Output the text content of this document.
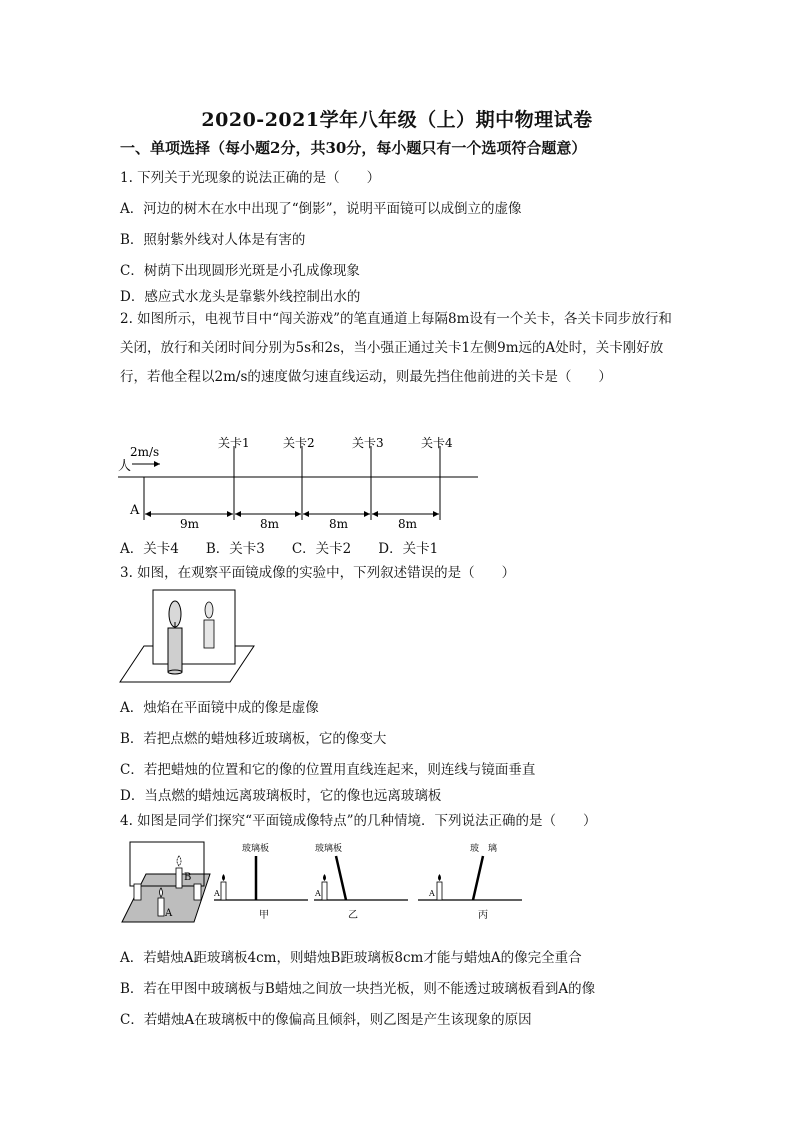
2020-2021学年八年级（上）期中物理试卷
一、单项选择（每小题2分，共30分，每小题只有一个选项符合题意）
1. 下列关于光现象的说法正确的是（　　）
A．河边的树木在水中出现了“倒影”，说明平面镜可以成倒立的虚像
B．照射紫外线对人体是有害的
C．树荫下出现圆形光斑是小孔成像现象
D．感应式水龙头是靠紫外线控制出水的
2. 如图所示，电视节目中“闯关游戏”的笔直通道上每隔8m设有一个关卡，各关卡同步放行和关闭，放行和关闭时间分别为5s和2s，当小强正通过关卡1左侧9m远的A处时，关卡刚好放行，若他全程以2m/s的速度做匀速直线运动，则最先挡住他前进的关卡是（　　）
2m/s
人
关卡1	关卡2	关卡3	关卡4
A
9m	8m	8m	8m
A．关卡4　　B．关卡3　　C．关卡2　　D．关卡1
3. 如图，在观察平面镜成像的实验中，下列叙述错误的是（　　）
A．烛焰在平面镜中成的像是虚像
B．若把点燃的蜡烛移近玻璃板，它的像变大
C．若把蜡烛的位置和它的像的位置用直线连起来，则连线与镜面垂直
D．当点燃的蜡烛远离玻璃板时，它的像也远离玻璃板
4. 如图是同学们探究“平面镜成像特点”的几种情境．下列说法正确的是（　　）
B
A
玻璃板
A
甲
玻璃板
A
乙
玻　璃
A
丙
A．若蜡烛A距玻璃板4cm，则蜡烛B距玻璃板8cm才能与蜡烛A的像完全重合
B．若在甲图中玻璃板与B蜡烛之间放一块挡光板，则不能透过玻璃板看到A的像
C．若蜡烛A在玻璃板中的像偏高且倾斜，则乙图是产生该现象的原因
